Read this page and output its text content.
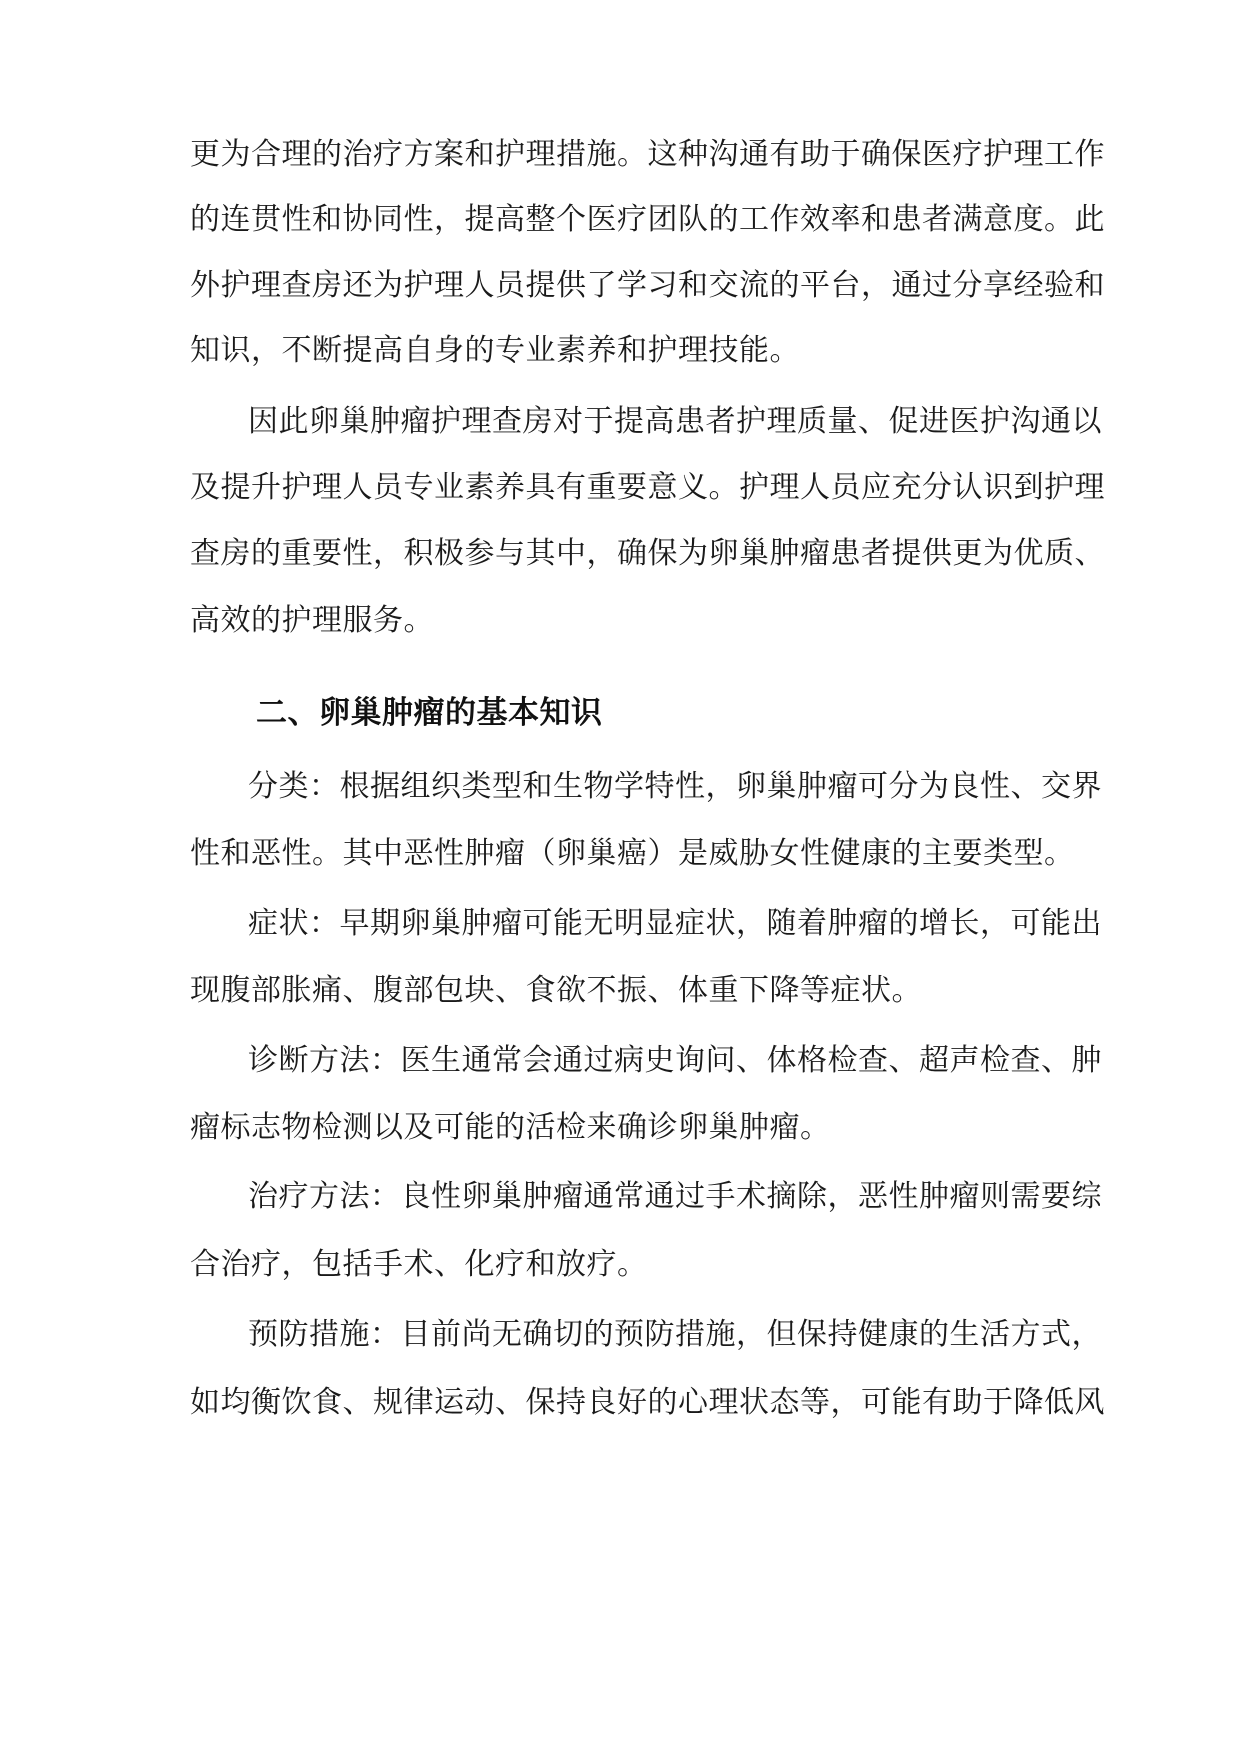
更为合理的治疗方案和护理措施。这种沟通有助于确保医疗护理工作
的连贯性和协同性，提高整个医疗团队的工作效率和患者满意度。此
外护理查房还为护理人员提供了学习和交流的平台，通过分享经验和
知识，不断提高自身的专业素养和护理技能。
因此卵巢肿瘤护理查房对于提高患者护理质量、促进医护沟通以
及提升护理人员专业素养具有重要意义。护理人员应充分认识到护理
查房的重要性，积极参与其中，确保为卵巢肿瘤患者提供更为优质、
高效的护理服务。
二、卵巢肿瘤的基本知识
分类：根据组织类型和生物学特性，卵巢肿瘤可分为良性、交界
性和恶性。其中恶性肿瘤（卵巢癌）是威胁女性健康的主要类型。
症状：早期卵巢肿瘤可能无明显症状，随着肿瘤的增长，可能出
现腹部胀痛、腹部包块、食欲不振、体重下降等症状。
诊断方法：医生通常会通过病史询问、体格检查、超声检查、肿
瘤标志物检测以及可能的活检来确诊卵巢肿瘤。
治疗方法：良性卵巢肿瘤通常通过手术摘除，恶性肿瘤则需要综
合治疗，包括手术、化疗和放疗。
预防措施：目前尚无确切的预防措施，但保持健康的生活方式，
如均衡饮食、规律运动、保持良好的心理状态等，可能有助于降低风
